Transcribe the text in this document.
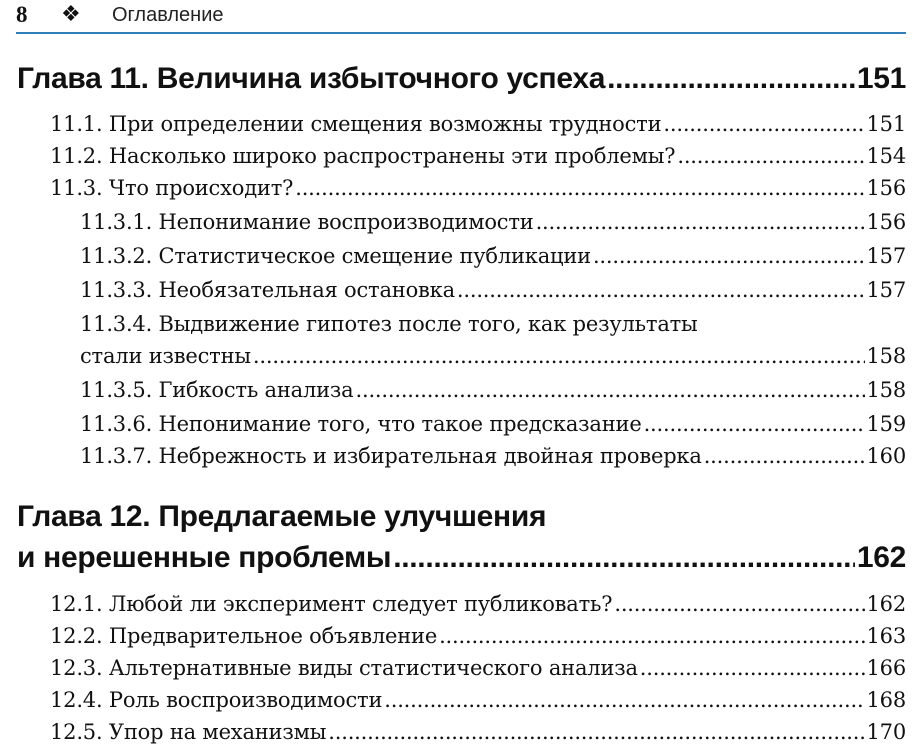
8 ❖ Оглавление
Глава 11. Величина избыточного успеха .....	151
11.1. При определении смещения возможны трудности .....	151
11.2. Насколько широко распространены эти проблемы? .....	154
11.3. Что происходит? .....	156
11.3.1. Непонимание воспроизводимости .....	156
11.3.2. Статистическое смещение публикации .....	157
11.3.3. Необязательная остановка .....	157
11.3.4. Выдвижение гипотез после того, как результаты
стали известны .....	158
11.3.5. Гибкость анализа .....	158
11.3.6. Непонимание того, что такое предсказание .....	159
11.3.7. Небрежность и избирательная двойная проверка .....	160
Глава 12. Предлагаемые улучшения
и нерешенные проблемы .....	162
12.1. Любой ли эксперимент следует публиковать? .....	162
12.2. Предварительное объявление .....	163
12.3. Альтернативные виды статистического анализа .....	166
12.4. Роль воспроизводимости .....	168
12.5. Упор на механизмы .....	170
